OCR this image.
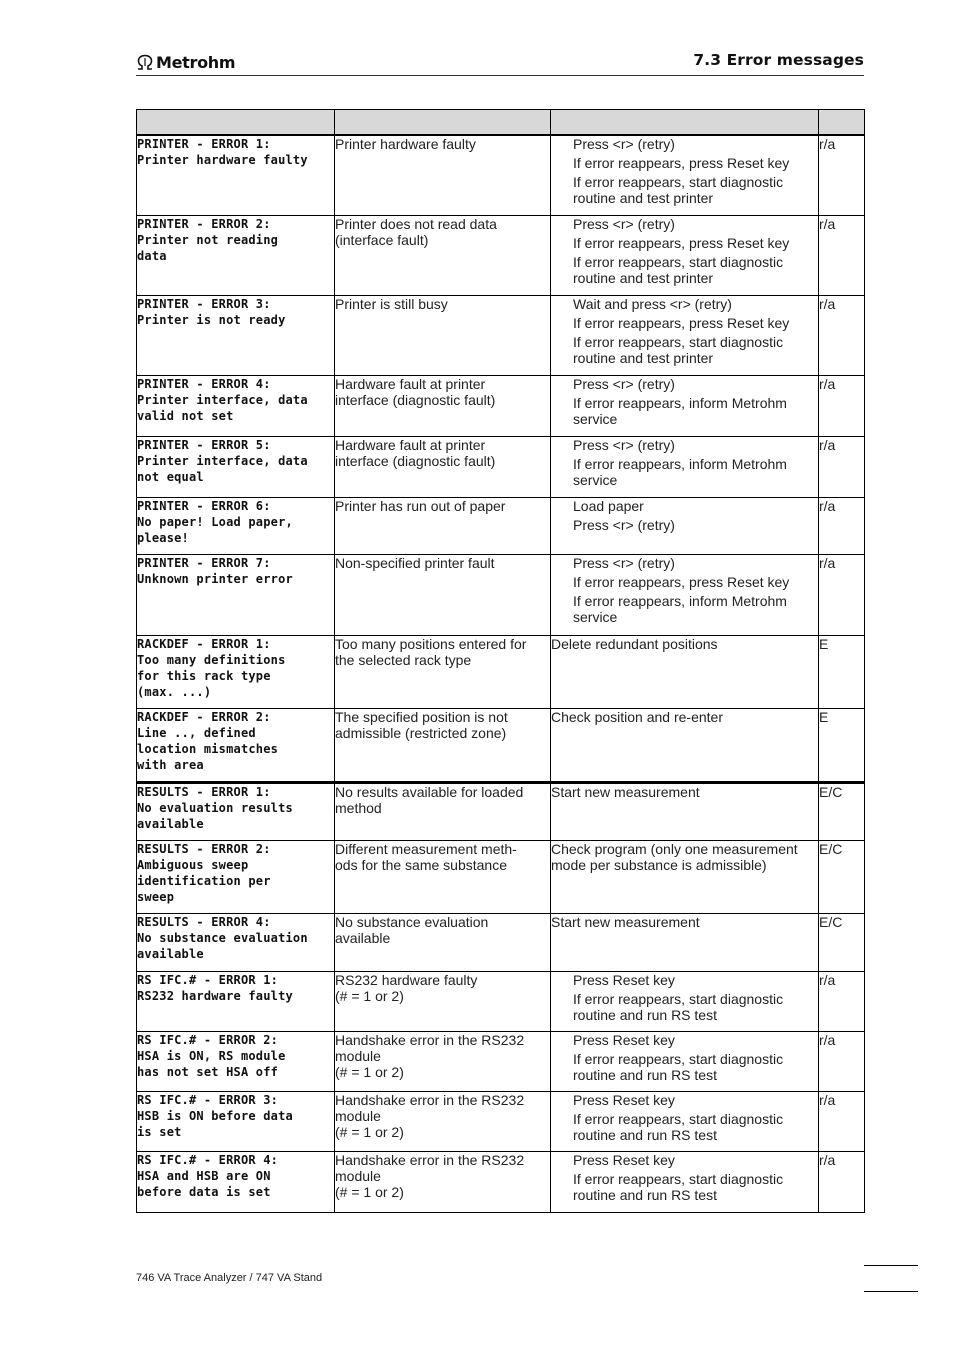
Metrohm	7.3 Error messages

PRINTER - ERROR 1:
Printer hardware faulty	Printer hardware faulty	Press <r> (retry)
If error reappears, press Reset key
If error reappears, start diagnostic
routine and test printer	r/a
PRINTER - ERROR 2:
Printer not reading
data	Printer does not read data
(interface fault)	Press <r> (retry)
If error reappears, press Reset key
If error reappears, start diagnostic
routine and test printer	r/a
PRINTER - ERROR 3:
Printer is not ready	Printer is still busy	Wait and press <r> (retry)
If error reappears, press Reset key
If error reappears, start diagnostic
routine and test printer	r/a
PRINTER - ERROR 4:
Printer interface, data
valid not set	Hardware fault at printer
interface (diagnostic fault)	Press <r> (retry)
If error reappears, inform Metrohm
service	r/a
PRINTER - ERROR 5:
Printer interface, data
not equal	Hardware fault at printer
interface (diagnostic fault)	Press <r> (retry)
If error reappears, inform Metrohm
service	r/a
PRINTER - ERROR 6:
No paper! Load paper,
please!	Printer has run out of paper	Load paper
Press <r> (retry)	r/a
PRINTER - ERROR 7:
Unknown printer error	Non-specified printer fault	Press <r> (retry)
If error reappears, press Reset key
If error reappears, inform Metrohm
service	r/a
RACKDEF - ERROR 1:
Too many definitions
for this rack type
(max. ...)	Too many positions entered for
the selected rack type	Delete redundant positions	E
RACKDEF - ERROR 2:
Line .., defined
location mismatches
with area	The specified position is not
admissible (restricted zone)	Check position and re-enter	E
RESULTS - ERROR 1:
No evaluation results
available	No results available for loaded
method	Start new measurement	E/C
RESULTS - ERROR 2:
Ambiguous sweep
identification per
sweep	Different measurement meth-
ods for the same substance	Check program (only one measurement
mode per substance is admissible)	E/C
RESULTS - ERROR 4:
No substance evaluation
available	No substance evaluation
available	Start new measurement	E/C
RS IFC.# - ERROR 1:
RS232 hardware faulty	RS232 hardware faulty
(# = 1 or 2)	Press Reset key
If error reappears, start diagnostic
routine and run RS test	r/a
RS IFC.# - ERROR 2:
HSA is ON, RS module
has not set HSA off	Handshake error in the RS232
module
(# = 1 or 2)	Press Reset key
If error reappears, start diagnostic
routine and run RS test	r/a
RS IFC.# - ERROR 3:
HSB is ON before data
is set	Handshake error in the RS232
module
(# = 1 or 2)	Press Reset key
If error reappears, start diagnostic
routine and run RS test	r/a
RS IFC.# - ERROR 4:
HSA and HSB are ON
before data is set	Handshake error in the RS232
module
(# = 1 or 2)	Press Reset key
If error reappears, start diagnostic
routine and run RS test	r/a
746 VA Trace Analyzer / 747 VA Stand
